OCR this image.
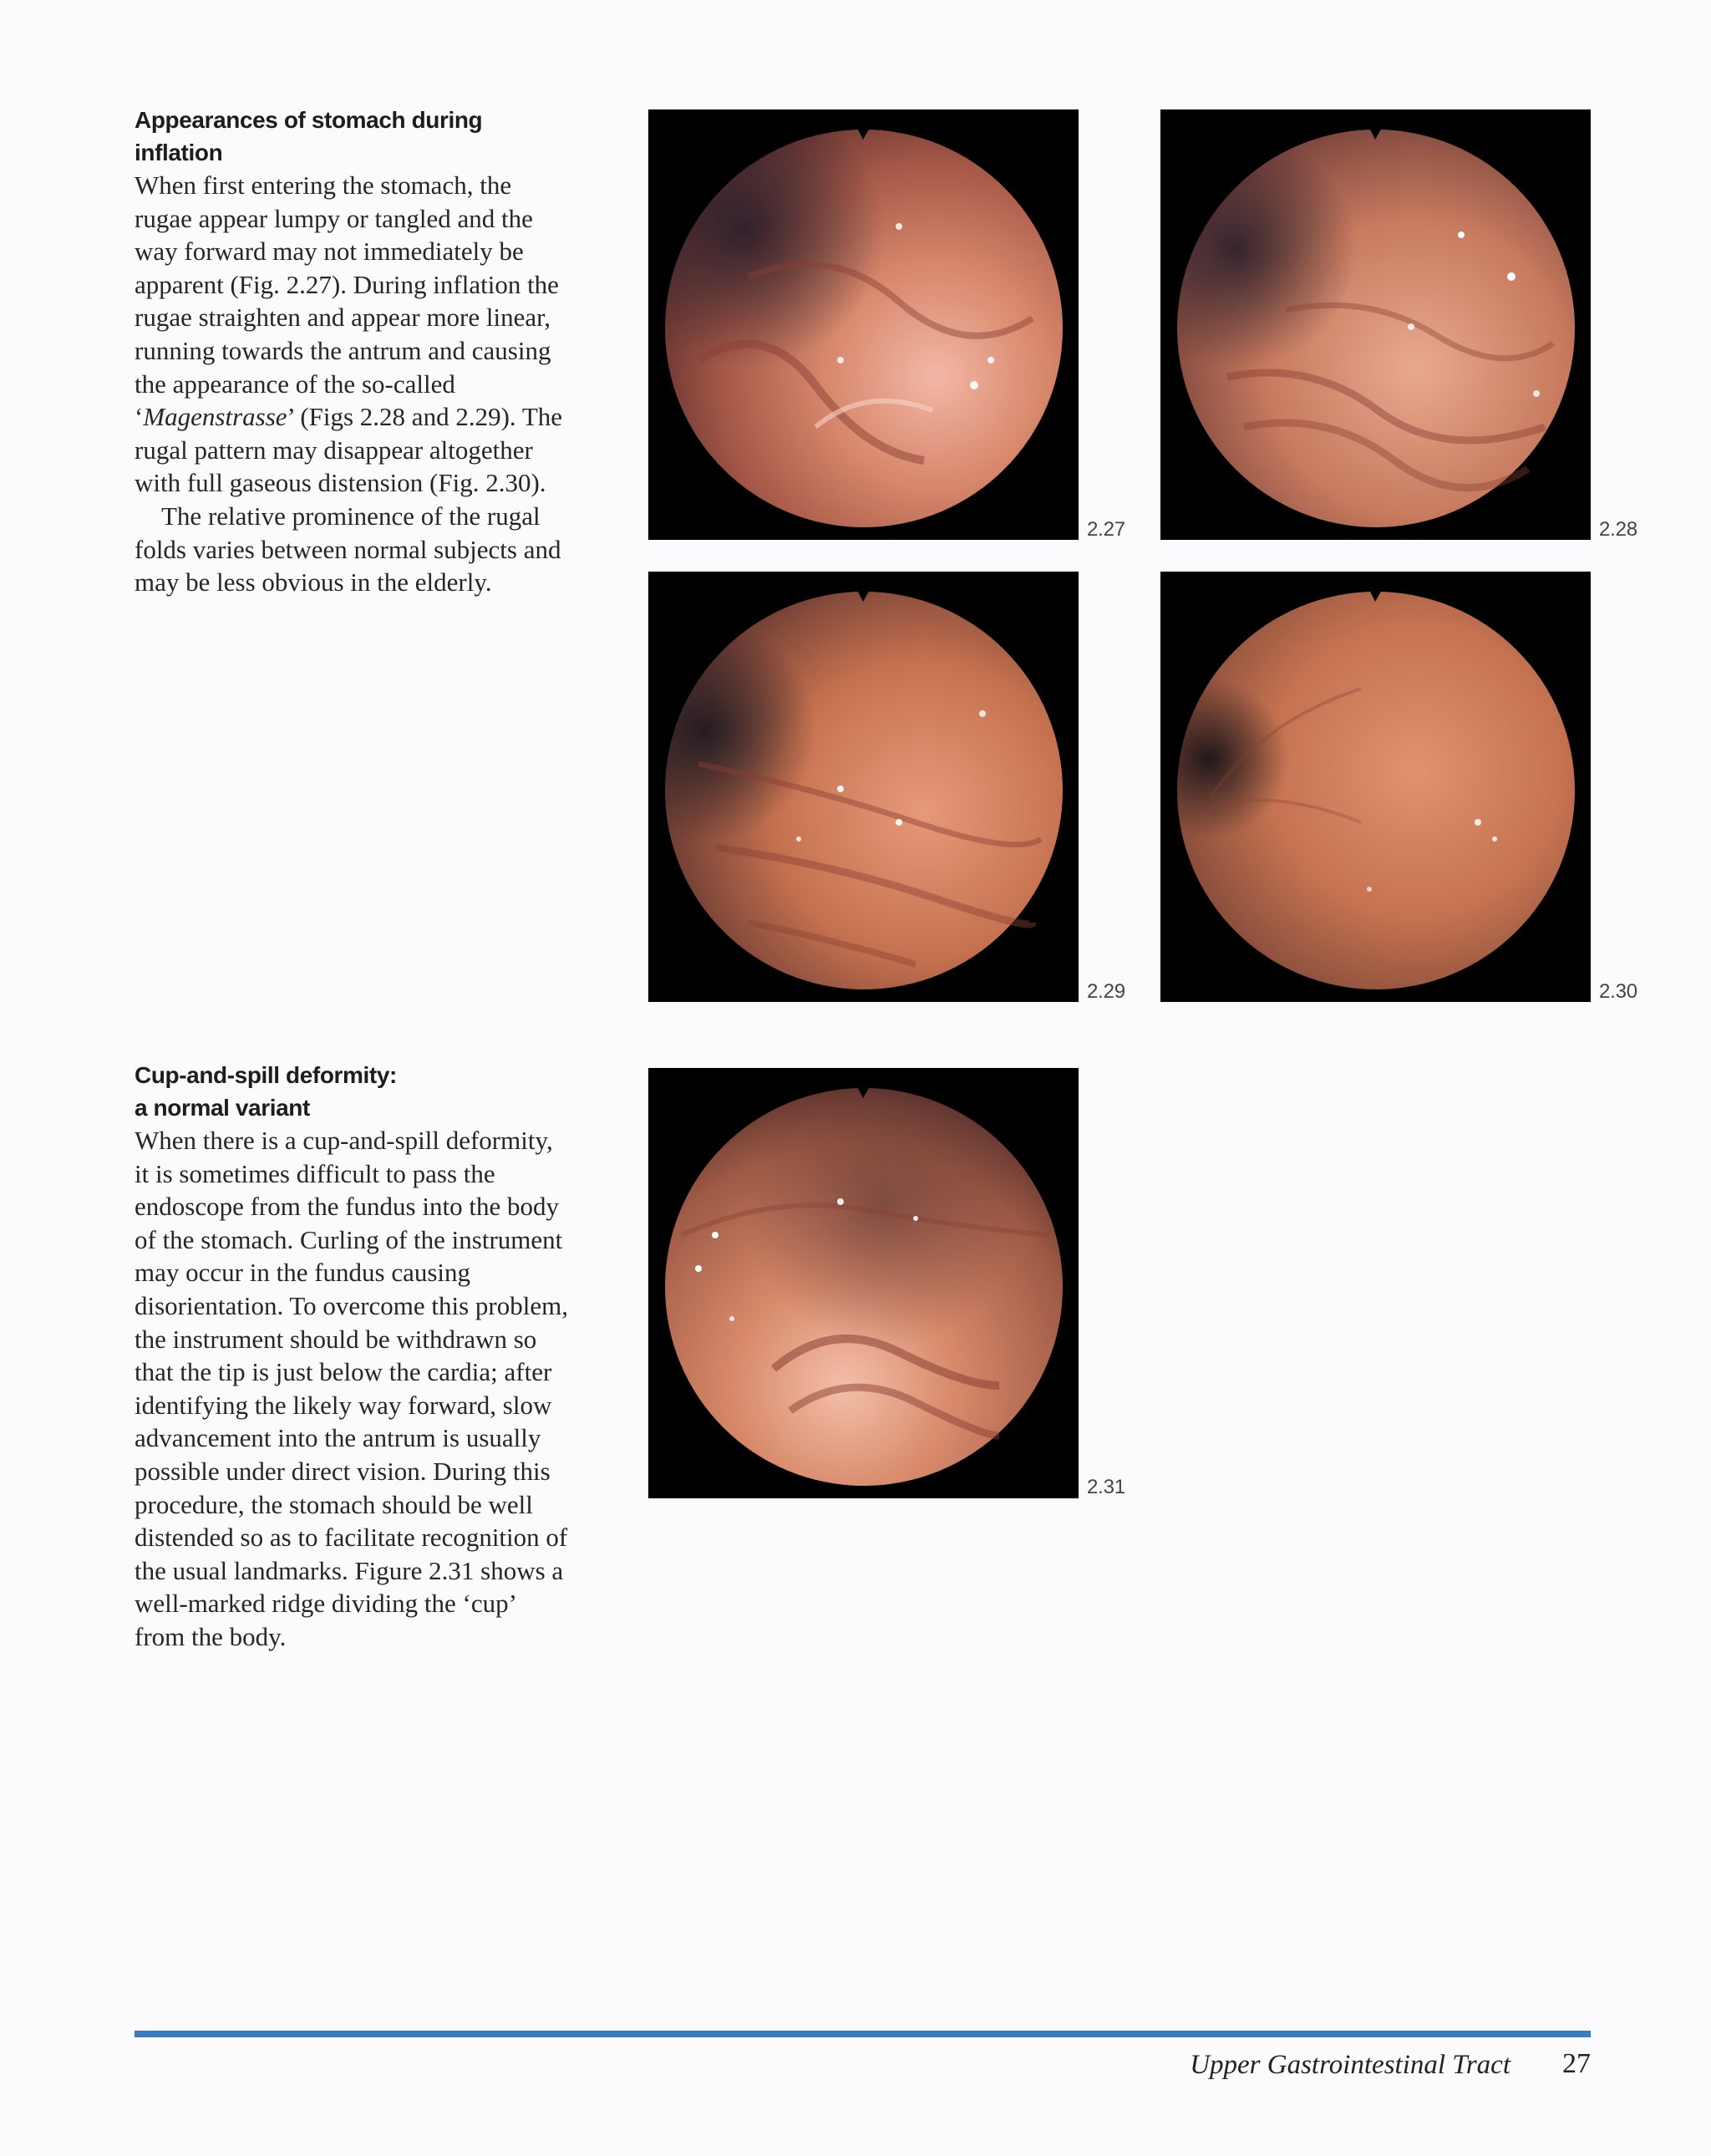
Appearances of stomach during inflation

When first entering the stomach, the rugae appear lumpy or tangled and the way forward may not immediately be apparent (Fig. 2.27). During inflation the rugae straighten and appear more linear, running towards the antrum and causing the appearance of the so-called ‘Magenstrasse’ (Figs 2.28 and 2.29). The rugal pattern may disappear altogether with full gaseous distension (Fig. 2.30).

The relative prominence of the rugal folds varies between normal subjects and may be less obvious in the elderly.

Cup-and-spill deformity:
a normal variant

When there is a cup-and-spill deformity, it is sometimes difficult to pass the endoscope from the fundus into the body of the stomach. Curling of the instrument may occur in the fundus causing disorientation. To overcome this problem, the instrument should be withdrawn so that the tip is just below the cardia; after identifying the likely way forward, slow advancement into the antrum is usually possible under direct vision. During this procedure, the stomach should be well distended so as to facilitate recognition of the usual landmarks. Figure 2.31 shows a well-marked ridge dividing the ‘cup’ from the body.

2.27	2.28
2.29	2.30
2.31
Upper Gastrointestinal Tract 27
